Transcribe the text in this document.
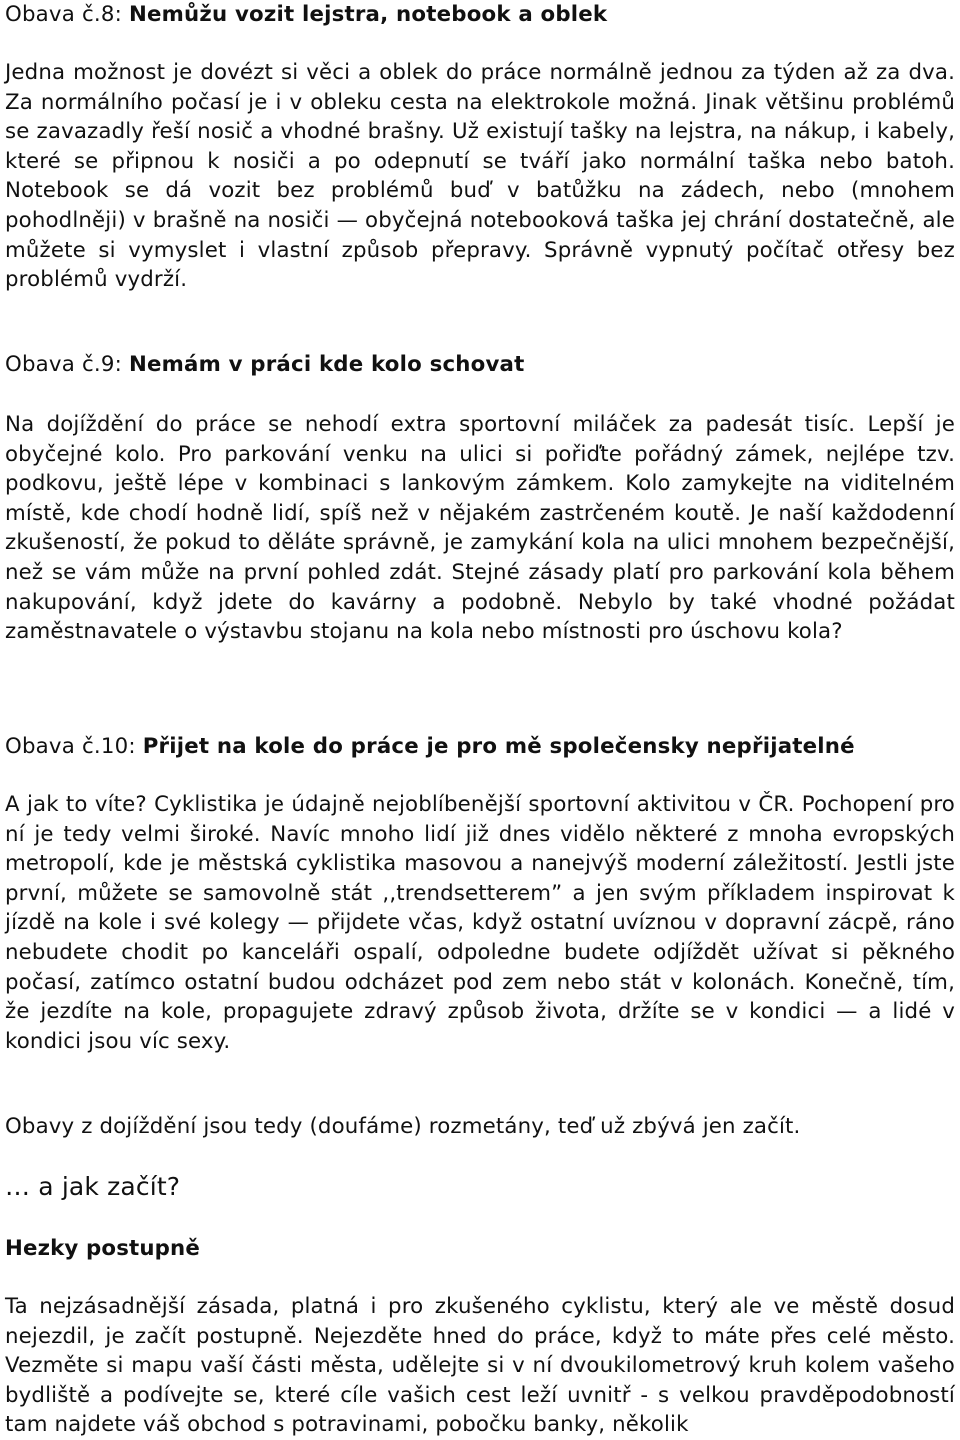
Obava č.8: Nemůžu vozit lejstra, notebook a oblek

Jedna možnost je dovézt si věci a oblek do práce normálně jednou za týden až za dva. Za normálního počasí je i v obleku cesta na elektrokole možná. Jinak většinu problémů se zavazadly řeší nosič a vhodné brašny. Už existují tašky na lejstra, na nákup, i kabely, které se připnou k nosiči a po odepnutí se tváří jako normální taška nebo batoh. Notebook se dá vozit bez problémů buď v batůžku na zádech, nebo (mnohem pohodlněji) v brašně na nosiči — obyčejná notebooková taška jej chrání dostatečně, ale můžete si vymyslet i vlastní způsob přepravy. Správně vypnutý počítač otřesy bez problémů vydrží.

Obava č.9: Nemám v práci kde kolo schovat

Na dojíždění do práce se nehodí extra sportovní miláček za padesát tisíc. Lepší je obyčejné kolo. Pro parkování venku na ulici si pořiďte pořádný zámek, nejlépe tzv. podkovu, ještě lépe v kombinaci s lankovým zámkem. Kolo zamykejte na viditelném místě, kde chodí hodně lidí, spíš než v nějakém zastrčeném koutě. Je naší každodenní zkušeností, že pokud to děláte správně, je zamykání kola na ulici mnohem bezpečnější, než se vám může na první pohled zdát. Stejné zásady platí pro parkování kola během nakupování, když jdete do kavárny a podobně. Nebylo by také vhodné požádat zaměstnavatele o výstavbu stojanu na kola nebo místnosti pro úschovu kola?

Obava č.10: Přijet na kole do práce je pro mě společensky nepřijatelné

A jak to víte? Cyklistika je údajně nejoblíbenější sportovní aktivitou v ČR. Pochopení pro ní je tedy velmi široké. Navíc mnoho lidí již dnes vidělo některé z mnoha evropských metropolí, kde je městská cyklistika masovou a nanejvýš moderní záležitostí. Jestli jste první, můžete se samovolně stát ,,trendsetterem” a jen svým příkladem inspirovat k jízdě na kole i své kolegy — přijdete včas, když ostatní uvíznou v dopravní zácpě, ráno nebudete chodit po kanceláři ospalí, odpoledne budete odjíždět užívat si pěkného počasí, zatímco ostatní budou odcházet pod zem nebo stát v kolonách. Konečně, tím, že jezdíte na kole, propagujete zdravý způsob života, držíte se v kondici — a lidé v kondici jsou víc sexy.

Obavy z dojíždění jsou tedy (doufáme) rozmetány, teď už zbývá jen začít.

… a jak začít?

Hezky postupně

Ta nejzásadnější zásada, platná i pro zkušeného cyklistu, který ale ve městě dosud nejezdil, je začít postupně. Nejezděte hned do práce, když to máte přes celé město. Vezměte si mapu vaší části města, udělejte si v ní dvoukilometrový kruh kolem vašeho bydliště a podívejte se, které cíle vašich cest leží uvnitř - s velkou pravděpodobností tam najdete váš obchod s potravinami, pobočku banky, několik
